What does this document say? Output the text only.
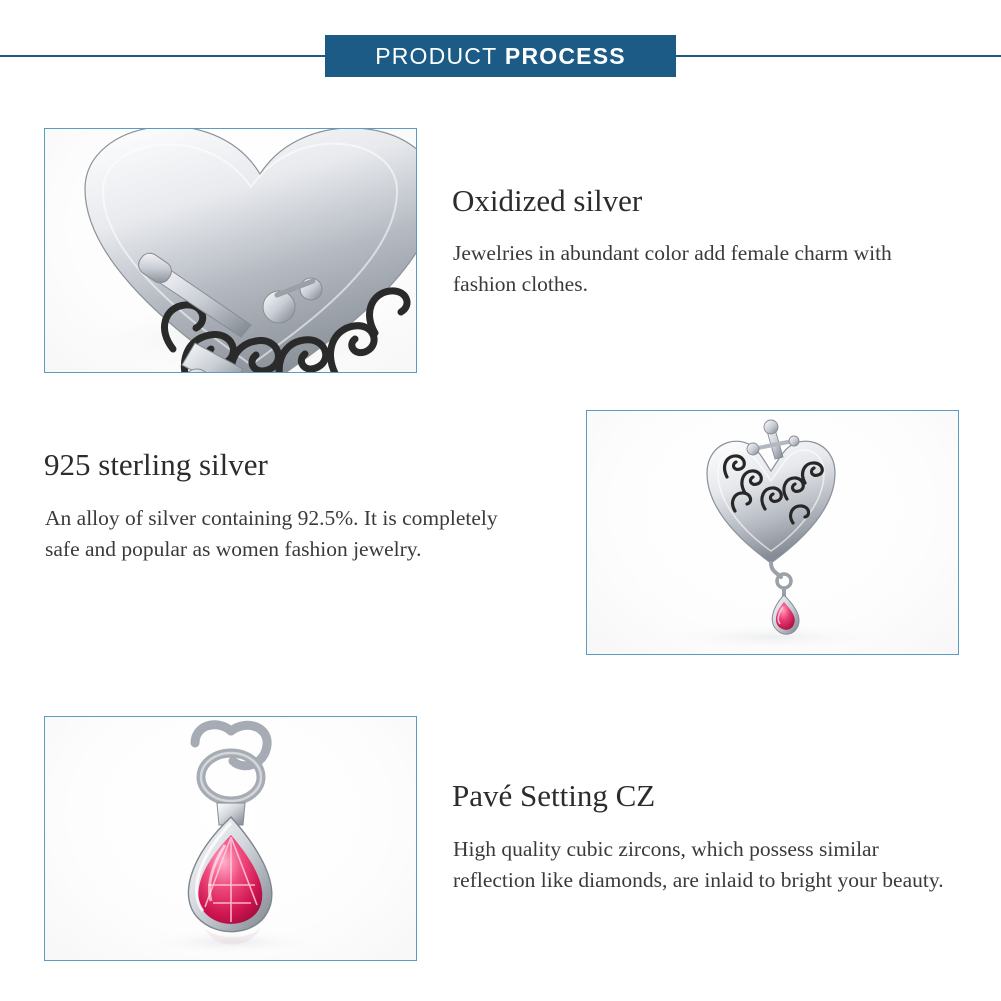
PRODUCT PROCESS
Oxidized silver
Jewelries in abundant color add female charm with fashion clothes.
925 sterling silver
An alloy of silver containing 92.5%. It is completely safe and popular as women fashion jewelry.
Pavé Setting CZ
High quality cubic zircons, which possess similar reflection like diamonds, are inlaid to bright your beauty.
